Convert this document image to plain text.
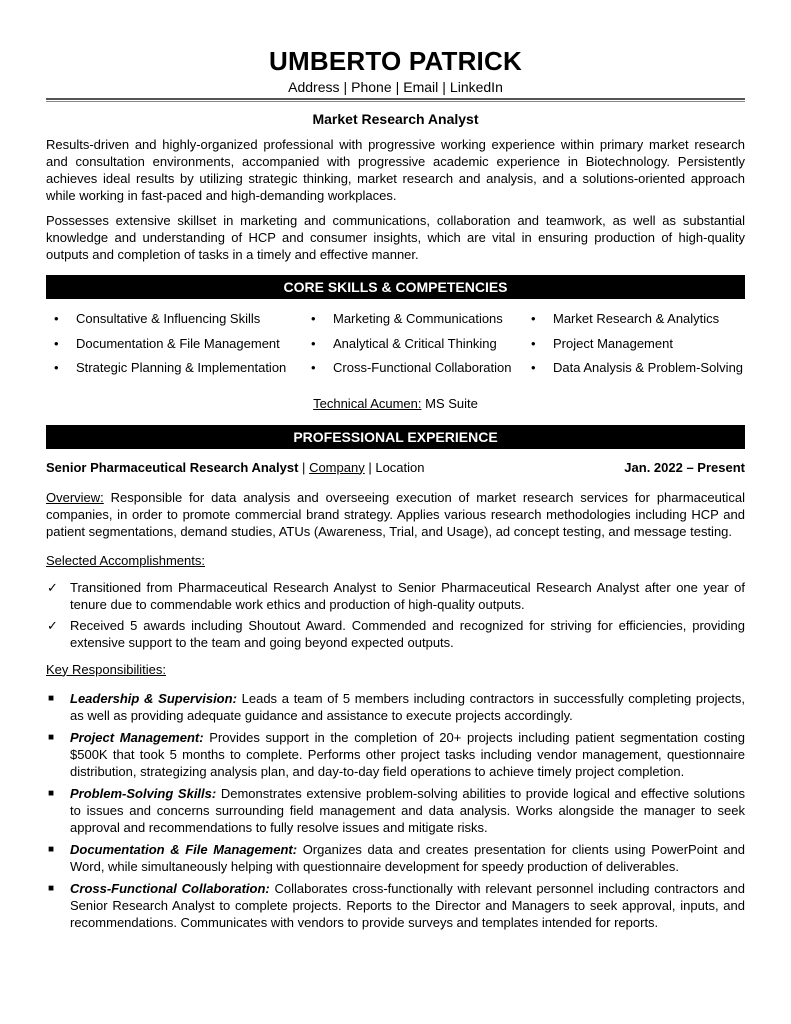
UMBERTO PATRICK
Address | Phone | Email | LinkedIn
Market Research Analyst

Results-driven and highly-organized professional with progressive working experience within primary market research and consultation environments, accompanied with progressive academic experience in Biotechnology. Persistently achieves ideal results by utilizing strategic thinking, market research and analysis, and a solutions-oriented approach while working in fast-paced and high-demanding workplaces.

Possesses extensive skillset in marketing and communications, collaboration and teamwork, as well as substantial knowledge and understanding of HCP and consumer insights, which are vital in ensuring production of high-quality outputs and completion of tasks in a timely and effective manner.

CORE SKILLS & COMPETENCIES
• Consultative & Influencing Skills	• Marketing & Communications	• Market Research & Analytics
• Documentation & File Management	• Analytical & Critical Thinking	• Project Management
• Strategic Planning & Implementation	• Cross-Functional Collaboration	• Data Analysis & Problem-Solving
Technical Acumen: MS Suite
PROFESSIONAL EXPERIENCE
Senior Pharmaceutical Research Analyst | Company | Location	Jan. 2022 – Present

Overview: Responsible for data analysis and overseeing execution of market research services for pharmaceutical companies, in order to promote commercial brand strategy. Applies various research methodologies including HCP and patient segmentations, demand studies, ATUs (Awareness, Trial, and Usage), ad concept testing, and message testing.

Selected Accomplishments:
✓ Transitioned from Pharmaceutical Research Analyst to Senior Pharmaceutical Research Analyst after one year of tenure due to commendable work ethics and production of high-quality outputs.
✓ Received 5 awards including Shoutout Award. Commended and recognized for striving for efficiencies, providing extensive support to the team and going beyond expected outputs.
Key Responsibilities:
■ Leadership & Supervision: Leads a team of 5 members including contractors in successfully completing projects, as well as providing adequate guidance and assistance to execute projects accordingly.
■ Project Management: Provides support in the completion of 20+ projects including patient segmentation costing $500K that took 5 months to complete. Performs other project tasks including vendor management, questionnaire distribution, strategizing analysis plan, and day-to-day field operations to achieve timely project completion.
■ Problem-Solving Skills: Demonstrates extensive problem-solving abilities to provide logical and effective solutions to issues and concerns surrounding field management and data analysis. Works alongside the manager to seek approval and recommendations to fully resolve issues and mitigate risks.
■ Documentation & File Management: Organizes data and creates presentation for clients using PowerPoint and Word, while simultaneously helping with questionnaire development for speedy production of deliverables.
■ Cross-Functional Collaboration: Collaborates cross-functionally with relevant personnel including contractors and Senior Research Analyst to complete projects. Reports to the Director and Managers to seek approval, inputs, and recommendations. Communicates with vendors to provide surveys and templates intended for reports.
